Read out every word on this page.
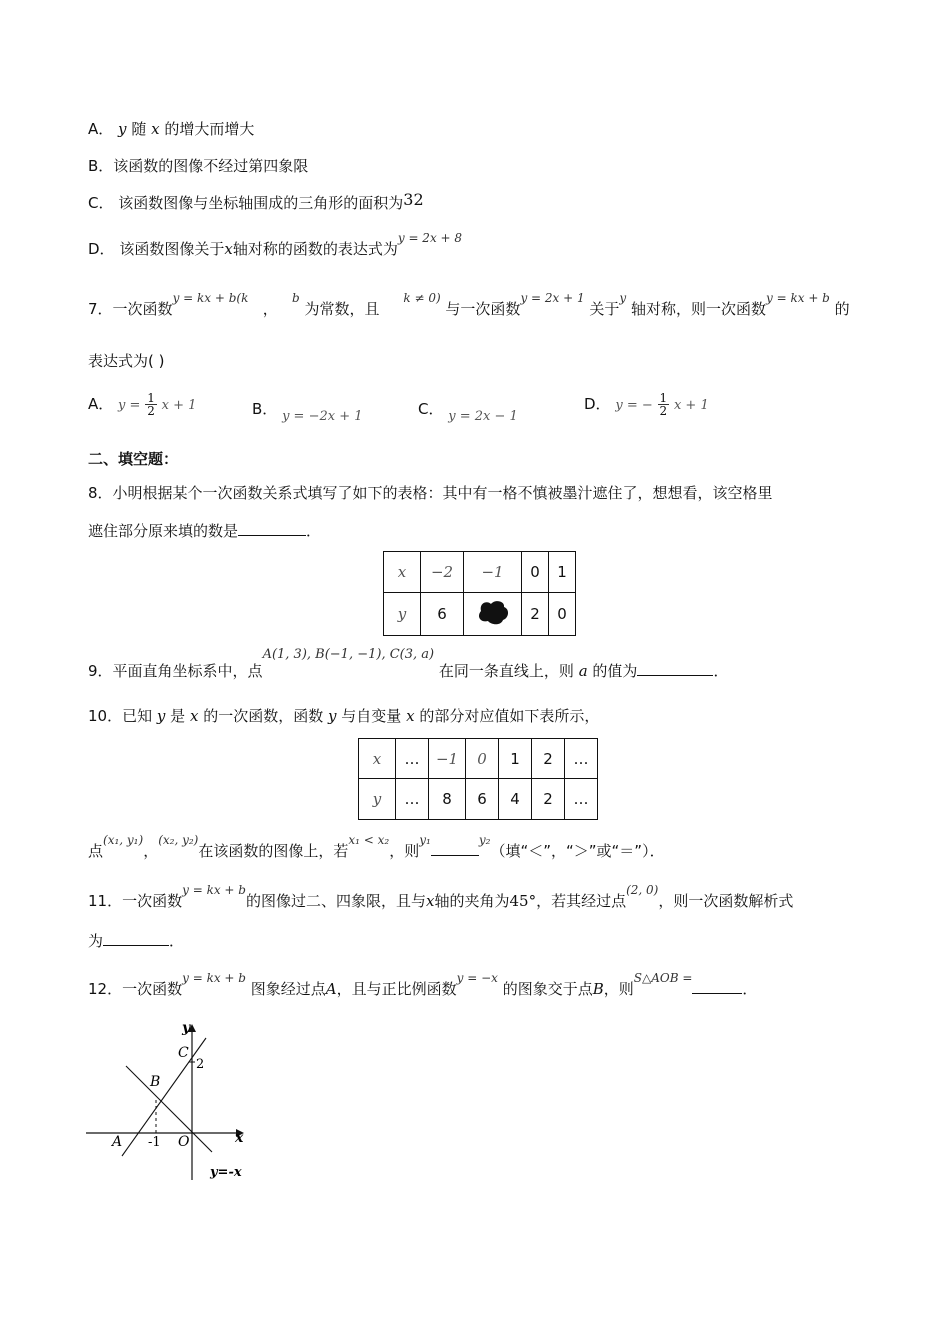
A． y 随 x 的增大而增大
B．该函数的图像不经过第四象限
C． 该函数图像与坐标轴围成的三角形的面积为32
D． 该函数图像关于x轴对称的函数的表达式为$^{y = 2x + 8}$
7．一次函数$^{y = kx + b(k}$   ，   $^b$ 为常数，且     $^{k \ne 0)}$ 与一次函数$^{y = 2x + 1}$ 关于$^y$ 轴对称，则一次函数$^{y = kx + b}$ 的
表达式为( )
A． $y = \frac{1}{2}$ x + 1	B． y = −2x + 1	C． y = 2x − 1
D． y = − $\frac{1}{2}$ x + 1
二、填空题：
8．小明根据某个一次函数关系式填写了如下的表格：其中有一格不慎被墨汁遮住了，想想看，该空格里
遮住部分原来填的数是	．
x	−2	−1	0	1
y	6		2	0
9．平面直角坐标系中，点A(1, 3), B(−1, −1), C(3, a) 在同一条直线上，则 a 的值为	．
10．已知 y 是 x 的一次函数，函数 y 与自变量 x 的部分对应值如下表所示，
x	…	−1	0	1	2	…
y	…	8	6	4	2	…
点$^{(x_1, y_1)}$，$^{(x_2, y_2)}$在该函数的图像上，若$^{x_1 < x_2}$，则$^{y_1}$	$^{y_2}$（填“＜”，“＞”或“＝”）．
11．一次函数$^{y = kx + b}$的图像过二、四象限，且与x轴的夹角为45°，若其经过点$^{(2, 0)}$，则一次函数解析式
为	．
12．一次函数$^{y = kx + b}$ 图象经过点A，且与正比例函数$^{y = -x}$ 的图象交于点B，则$^{S\triangle AOB =}$．
y
x
C
B
A	O
2
-1
y=-x
